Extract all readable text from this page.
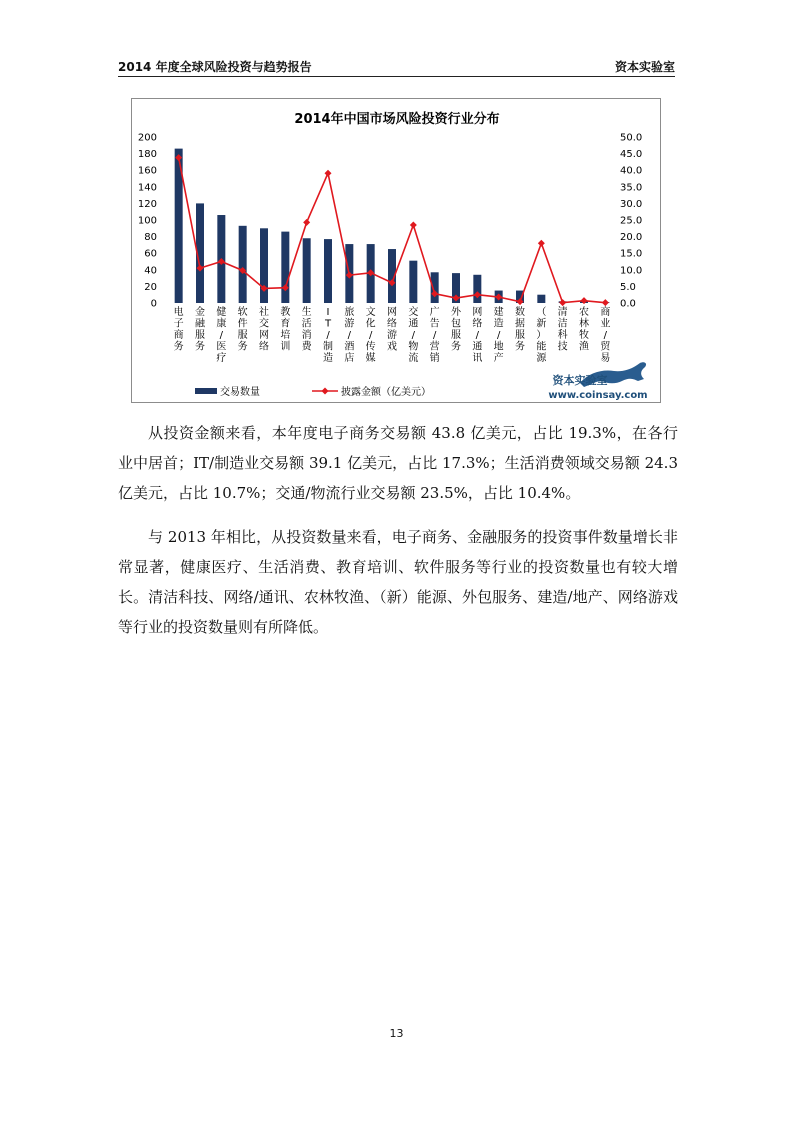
2014 年度全球风险投资与趋势报告	资本实验室
2014年中国市场风险投资行业分布
0
20
40
60
80
100
120
140
160
180
200
0.0
5.0
10.0
15.0
20.0
25.0
30.0
35.0
40.0
45.0
50.0
电子商务
金融服务
健康/医疗
软件服务
社交网络
教育培训
生活消费
I T /制造
旅游/酒店
文化/传媒
网络游戏
交通/物流
广告/营销
外包服务
网络/通讯
建造/地产
数据服务
（新）能源
清洁科技
农林牧渔
商业/贸易
交易数量	披露金额（亿美元）
资本实验室
www.coinsay.com
从投资金额来看，本年度电子商务交易额 43.8 亿美元，占比 19.3%，在各行业中居首；IT/制造业交易额 39.1 亿美元，占比 17.3%；生活消费领域交易额 24.3 亿美元，占比 10.7%；交通/物流行业交易额 23.5%，占比 10.4%。
与 2013 年相比，从投资数量来看，电子商务、金融服务的投资事件数量增长非常显著，健康医疗、生活消费、教育培训、软件服务等行业的投资数量也有较大增长。清洁科技、网络/通讯、农林牧渔、（新）能源、外包服务、建造/地产、网络游戏等行业的投资数量则有所降低。
13
